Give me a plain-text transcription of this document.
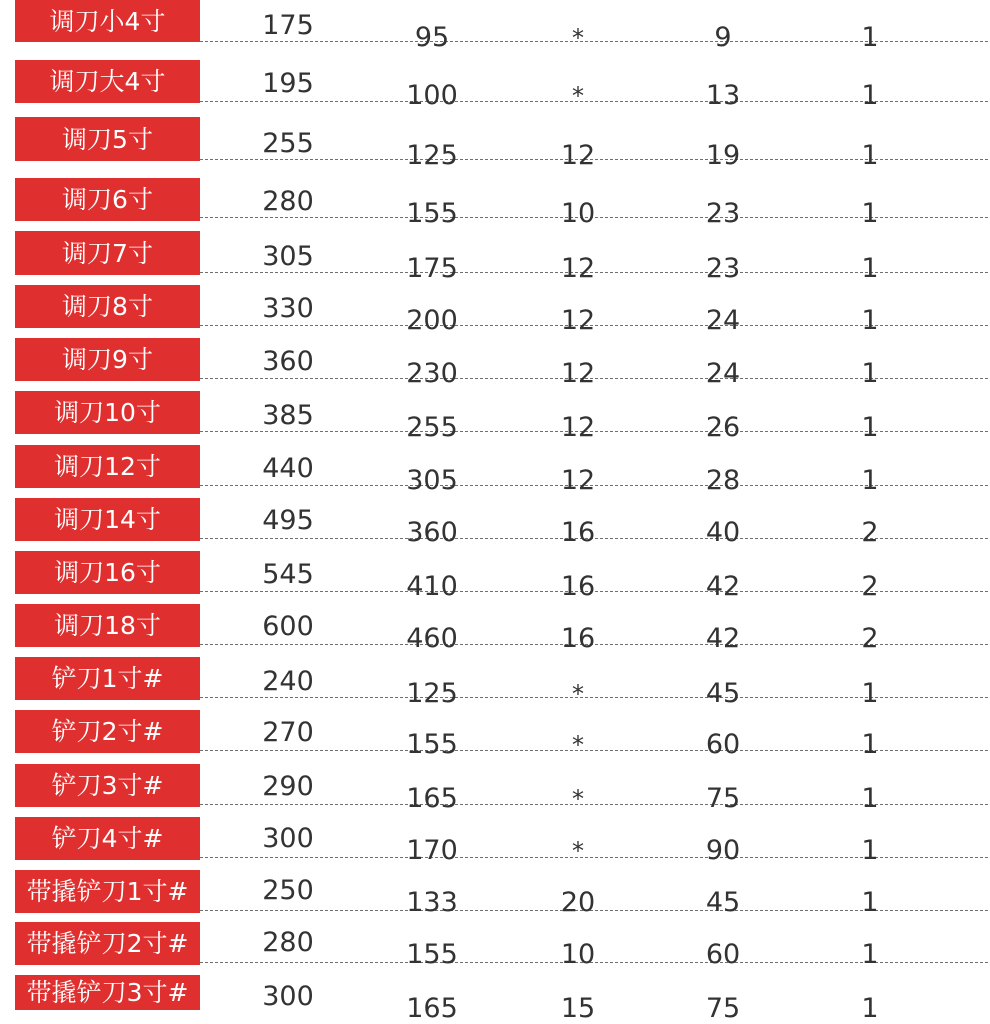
调刀小4寸	175	95	*	9	1
调刀大4寸	195	100	*	13	1
调刀5寸	255	125	12	19	1
调刀6寸	280	155	10	23	1
调刀7寸	305	175	12	23	1
调刀8寸	330	200	12	24	1
调刀9寸	360	230	12	24	1
调刀10寸	385	255	12	26	1
调刀12寸	440	305	12	28	1
调刀14寸	495	360	16	40	2
调刀16寸	545	410	16	42	2
调刀18寸	600	460	16	42	2
铲刀1寸#	240	125	*	45	1
铲刀2寸#	270	155	*	60	1
铲刀3寸#	290	165	*	75	1
铲刀4寸#	300	170	*	90	1
带撬铲刀1寸#	250	133	20	45	1
带撬铲刀2寸#	280	155	10	60	1
带撬铲刀3寸#	300	165	15	75	1
